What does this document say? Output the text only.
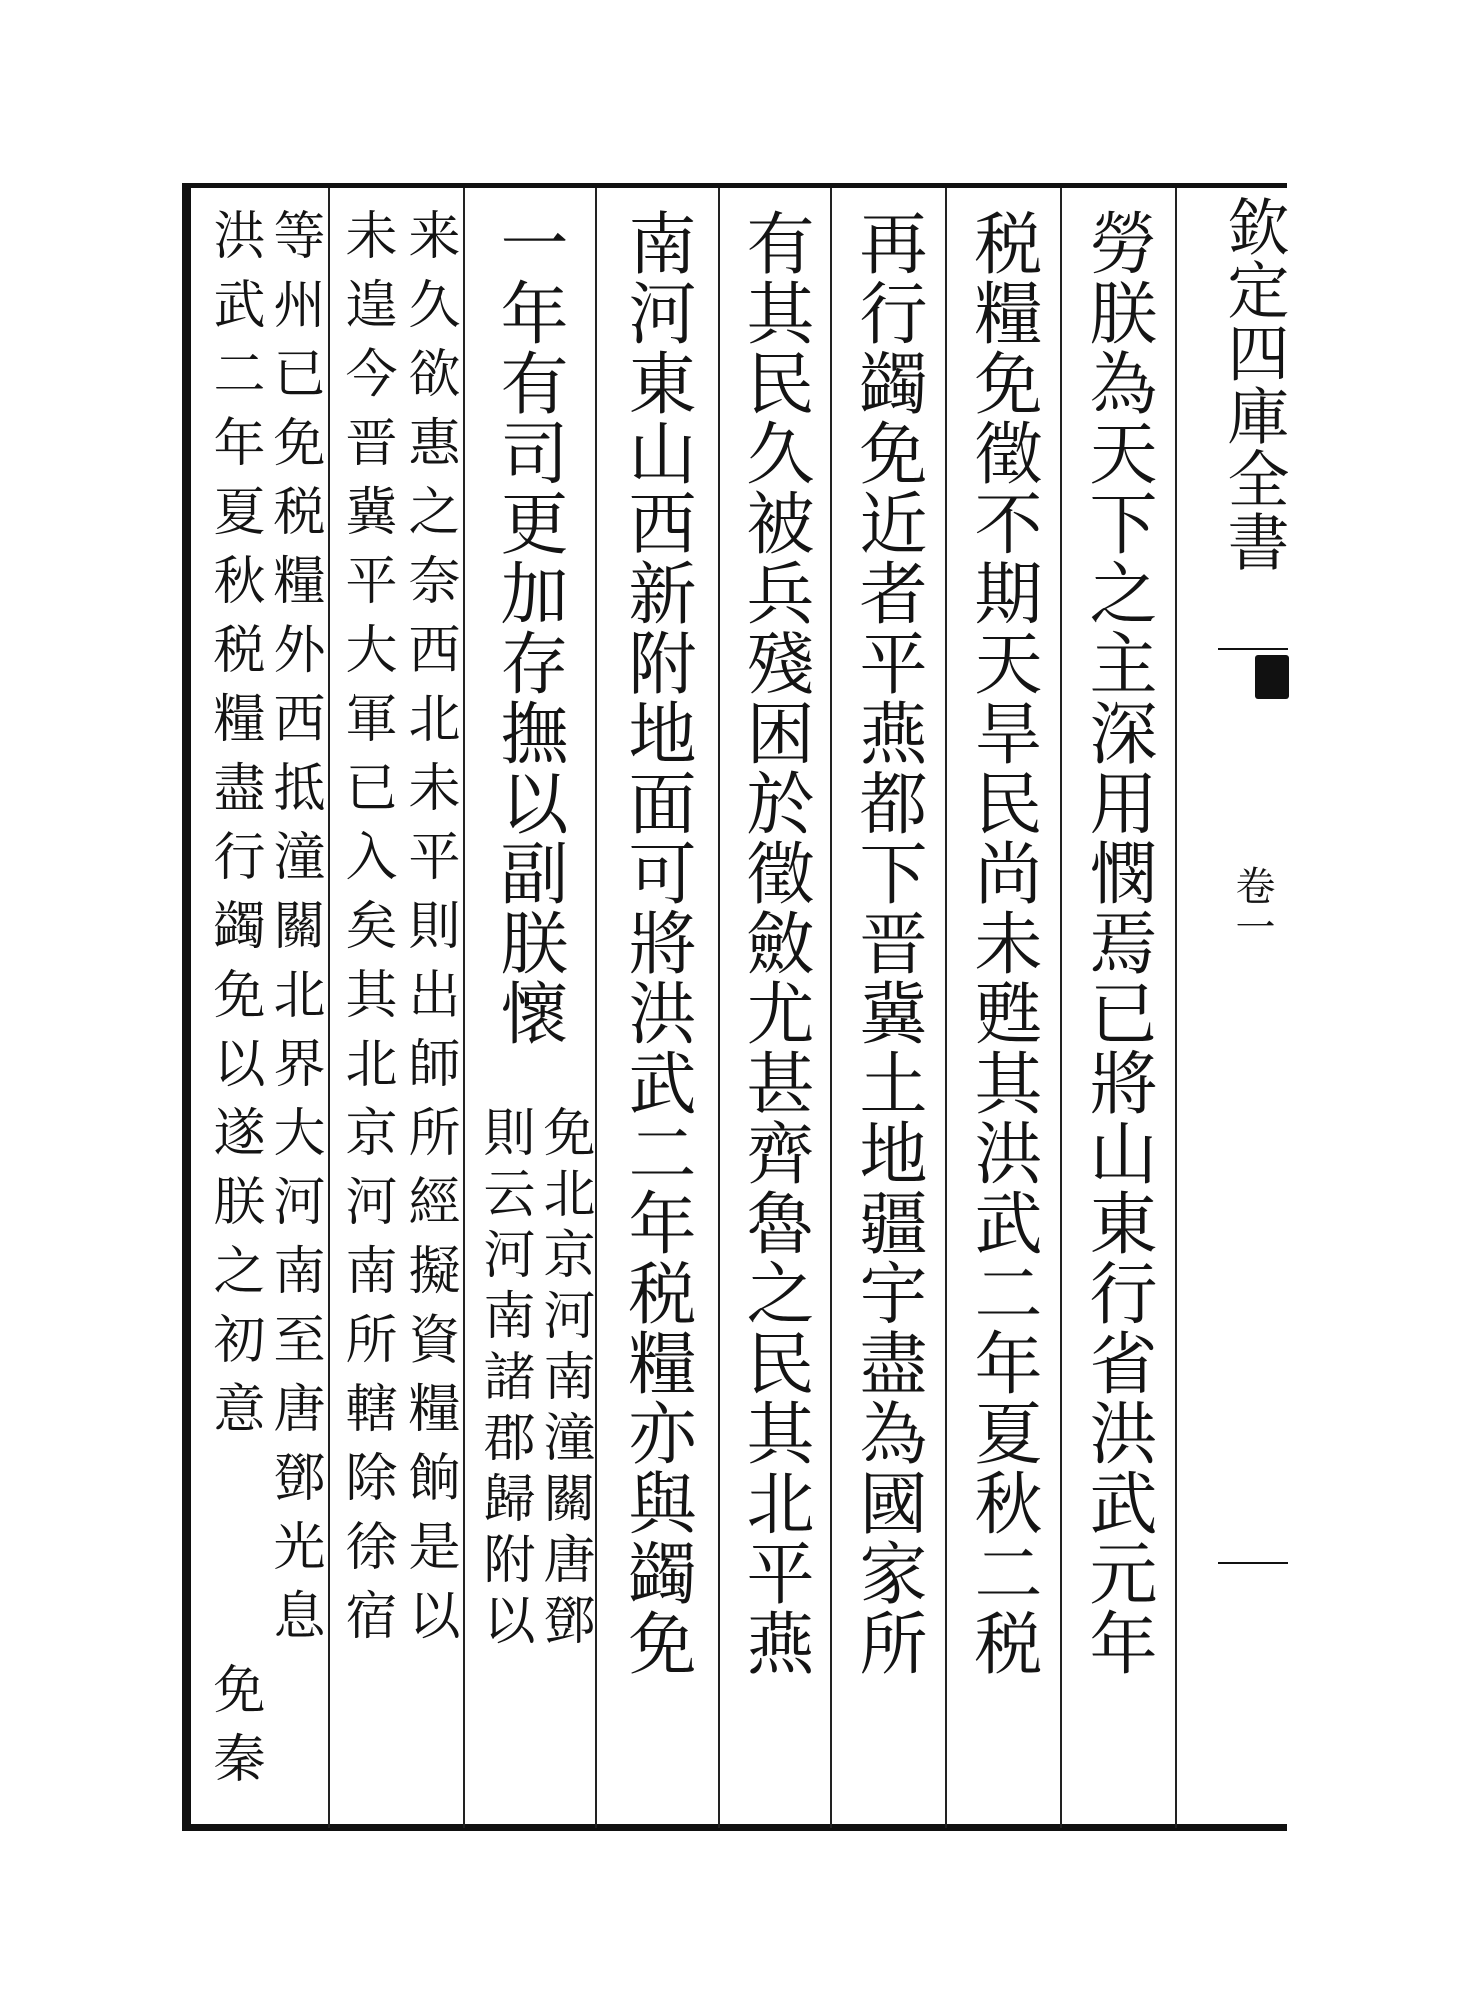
欽定四庫全書
卷一
勞朕為天下之主深用憫焉已將山東行省洪武元年
税糧免徵不期天旱民尚未甦其洪武二年夏秋二税
再行蠲免近者平燕都下晋冀土地疆宇盡為國家所
有其民久被兵殘困於徵斂尤甚齊魯之民其北平燕
南河東山西新附地面可將洪武二年税糧亦與蠲免
一年有司更加存撫以副朕懷
免北京河南潼關唐鄧
則云河南諸郡歸附以
来久欲惠之奈西北未平則出師所經擬資糧餉是以
未遑今晋冀平大軍已入矣其北京河南所轄除徐宿
等州已免税糧外西抵潼關北界大河南至唐鄧光息
洪武二年夏秋税糧盡行蠲免以遂朕之初意
免秦
